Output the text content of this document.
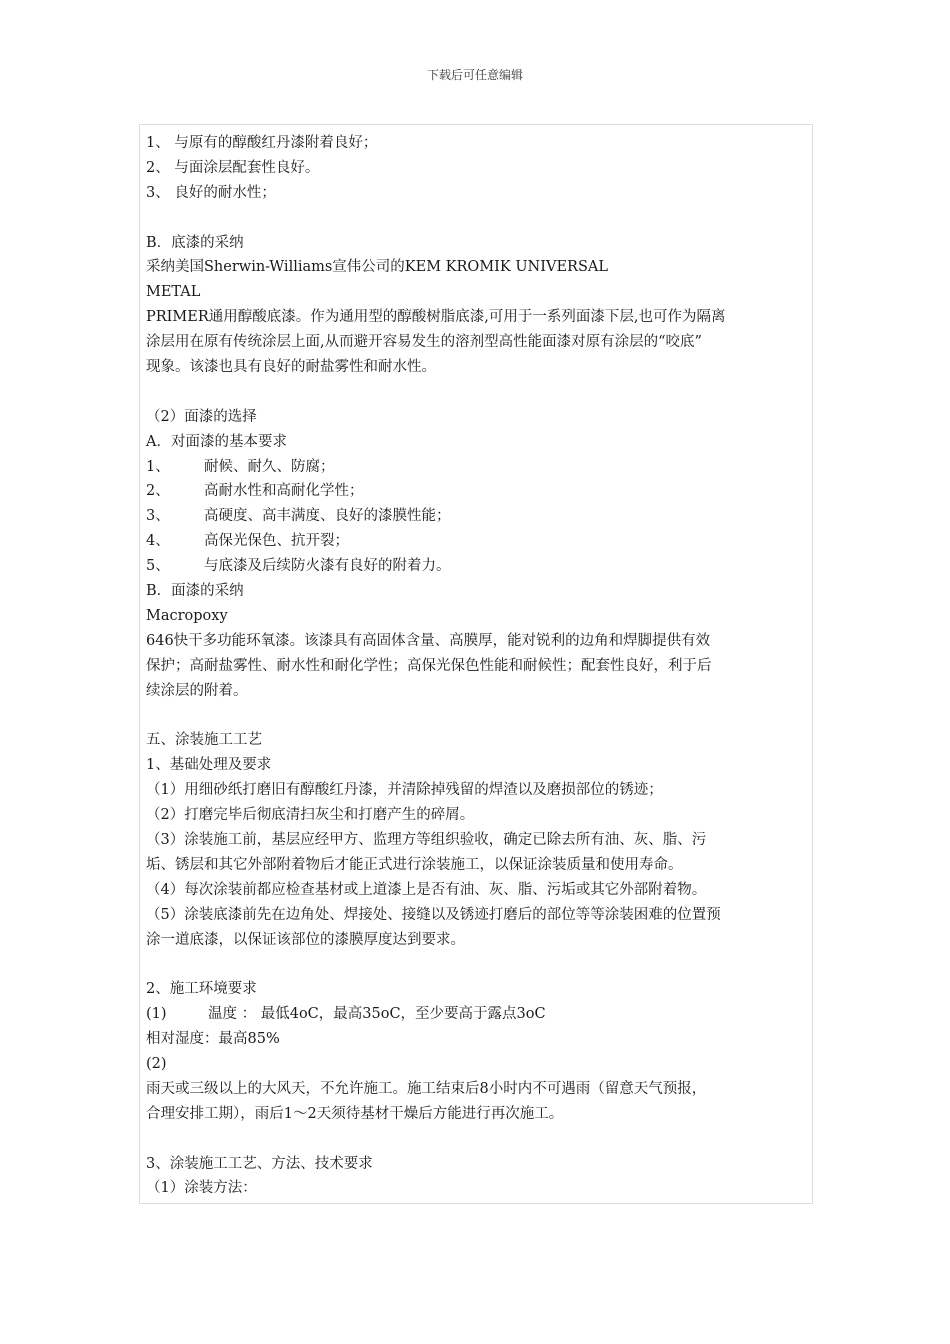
下载后可任意编辑
1、 与原有的醇酸红丹漆附着良好；
2、 与面涂层配套性良好。
3、 良好的耐水性；
B．底漆的采纳
采纳美国Sherwin-Williams宣伟公司的KEM KROMIK UNIVERSAL
METAL
PRIMER通用醇酸底漆。作为通用型的醇酸树脂底漆,可用于一系列面漆下层,也可作为隔离
涂层用在原有传统涂层上面,从而避开容易发生的溶剂型高性能面漆对原有涂层的“咬底”
现象。该漆也具有良好的耐盐雾性和耐水性。
（2）面漆的选择
A．对面漆的基本要求
1、 耐候、耐久、防腐；
2、 高耐水性和高耐化学性；
3、 高硬度、高丰满度、良好的漆膜性能；
4、 高保光保色、抗开裂；
5、 与底漆及后续防火漆有良好的附着力。
B．面漆的采纳
Macropoxy
646快干多功能环氧漆。该漆具有高固体含量、高膜厚，能对锐利的边角和焊脚提供有效
保护；高耐盐雾性、耐水性和耐化学性；高保光保色性能和耐候性；配套性良好，利于后
续涂层的附着。
五、涂装施工工艺
1、基础处理及要求
（1）用细砂纸打磨旧有醇酸红丹漆，并清除掉残留的焊渣以及磨损部位的锈迹；
（2）打磨完毕后彻底清扫灰尘和打磨产生的碎屑。
（3）涂装施工前，基层应经甲方、监理方等组织验收，确定已除去所有油、灰、脂、污
垢、锈层和其它外部附着物后才能正式进行涂装施工，以保证涂装质量和使用寿命。
（4）每次涂装前都应检查基材或上道漆上是否有油、灰、脂、污垢或其它外部附着物。
（5）涂装底漆前先在边角处、焊接处、接缝以及锈迹打磨后的部位等等涂装困难的位置预
涂一道底漆，以保证该部位的漆膜厚度达到要求。
2、施工环境要求
(1)	温度 ： 最低4oC，最高35oC，至少要高于露点3oC
相对湿度：最高85%
(2)
雨天或三级以上的大风天，不允许施工。施工结束后8小时内不可遇雨（留意天气预报，
合理安排工期），雨后1～2天须待基材干燥后方能进行再次施工。
3、涂装施工工艺、方法、技术要求
（1）涂装方法：
